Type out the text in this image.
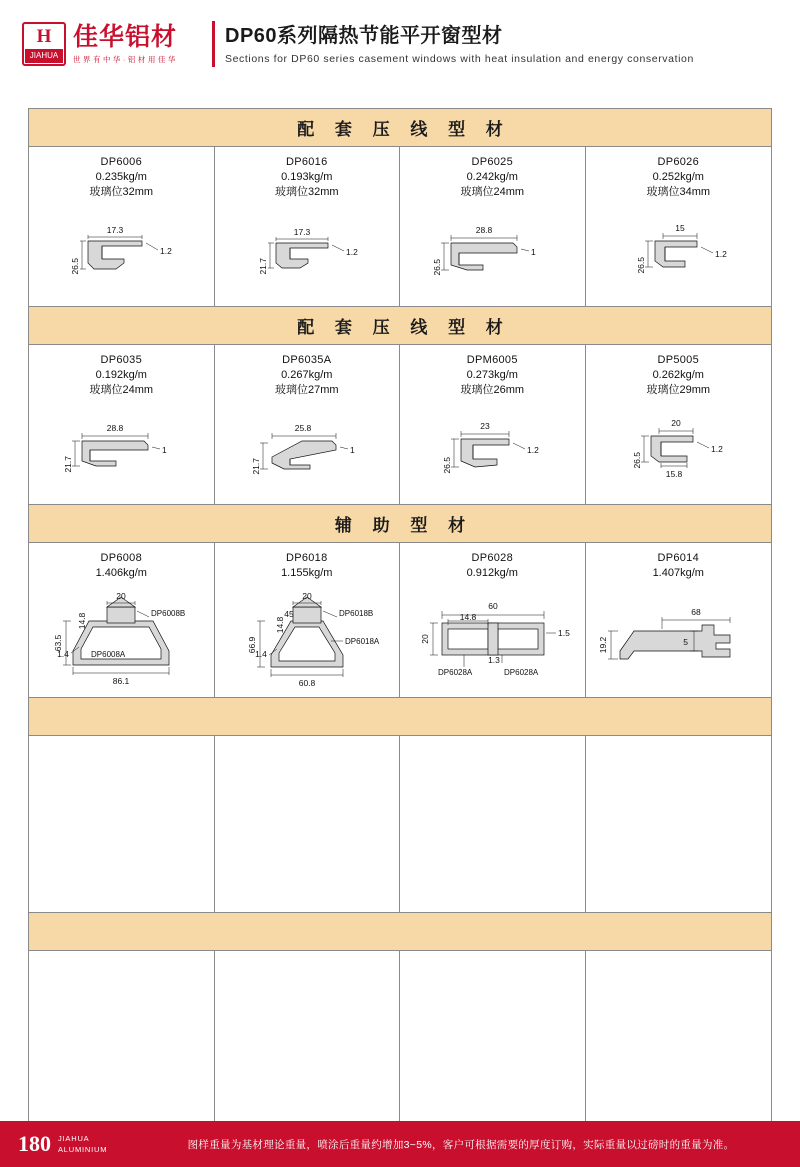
H
JIAHUA
佳华铝材
世 界 有 中 华 · 铝 材 用 佳 华
DP60系列隔热节能平开窗型材
Sections for DP60 series casement windows with heat insulation and energy conservation
配 套 压 线 型 材
DP6006
0.235kg/m
玻璃位32mm
17.3
26.5
1.2
DP6016
0.193kg/m
玻璃位32mm
17.3
21.7
1.2
DP6025
0.242kg/m
玻璃位24mm
28.8
26.5
1
DP6026
0.252kg/m
玻璃位34mm
15
26.5
1.2
配 套 压 线 型 材
DP6035
0.192kg/m
玻璃位24mm
28.8
21.7
1
DP6035A
0.267kg/m
玻璃位27mm
25.8
21.7
1
DPM6005
0.273kg/m
玻璃位26mm
23
26.5
1.2
DP5005
0.262kg/m
玻璃位29mm
20
26.5
1.2
15.8
辅 助 型 材
DP6008
1.406kg/m
20
14.8
63.5
86.1
1.4
DP6008B
DP6008A
DP6018
1.155kg/m
20
45
14.8
66.9
60.8
1.4
DP6018B
DP6018A
DP6028
0.912kg/m
60
14.8
20
1.5
1.3
DP6028A	DP6028A
DP6014
1.407kg/m
68
19.2	5
180 JIAHUA
ALUMINIUM	图样重量为基材理论重量，喷涂后重量约增加3~5%，客户可根据需要的厚度订购，实际重量以过磅时的重量为准。
